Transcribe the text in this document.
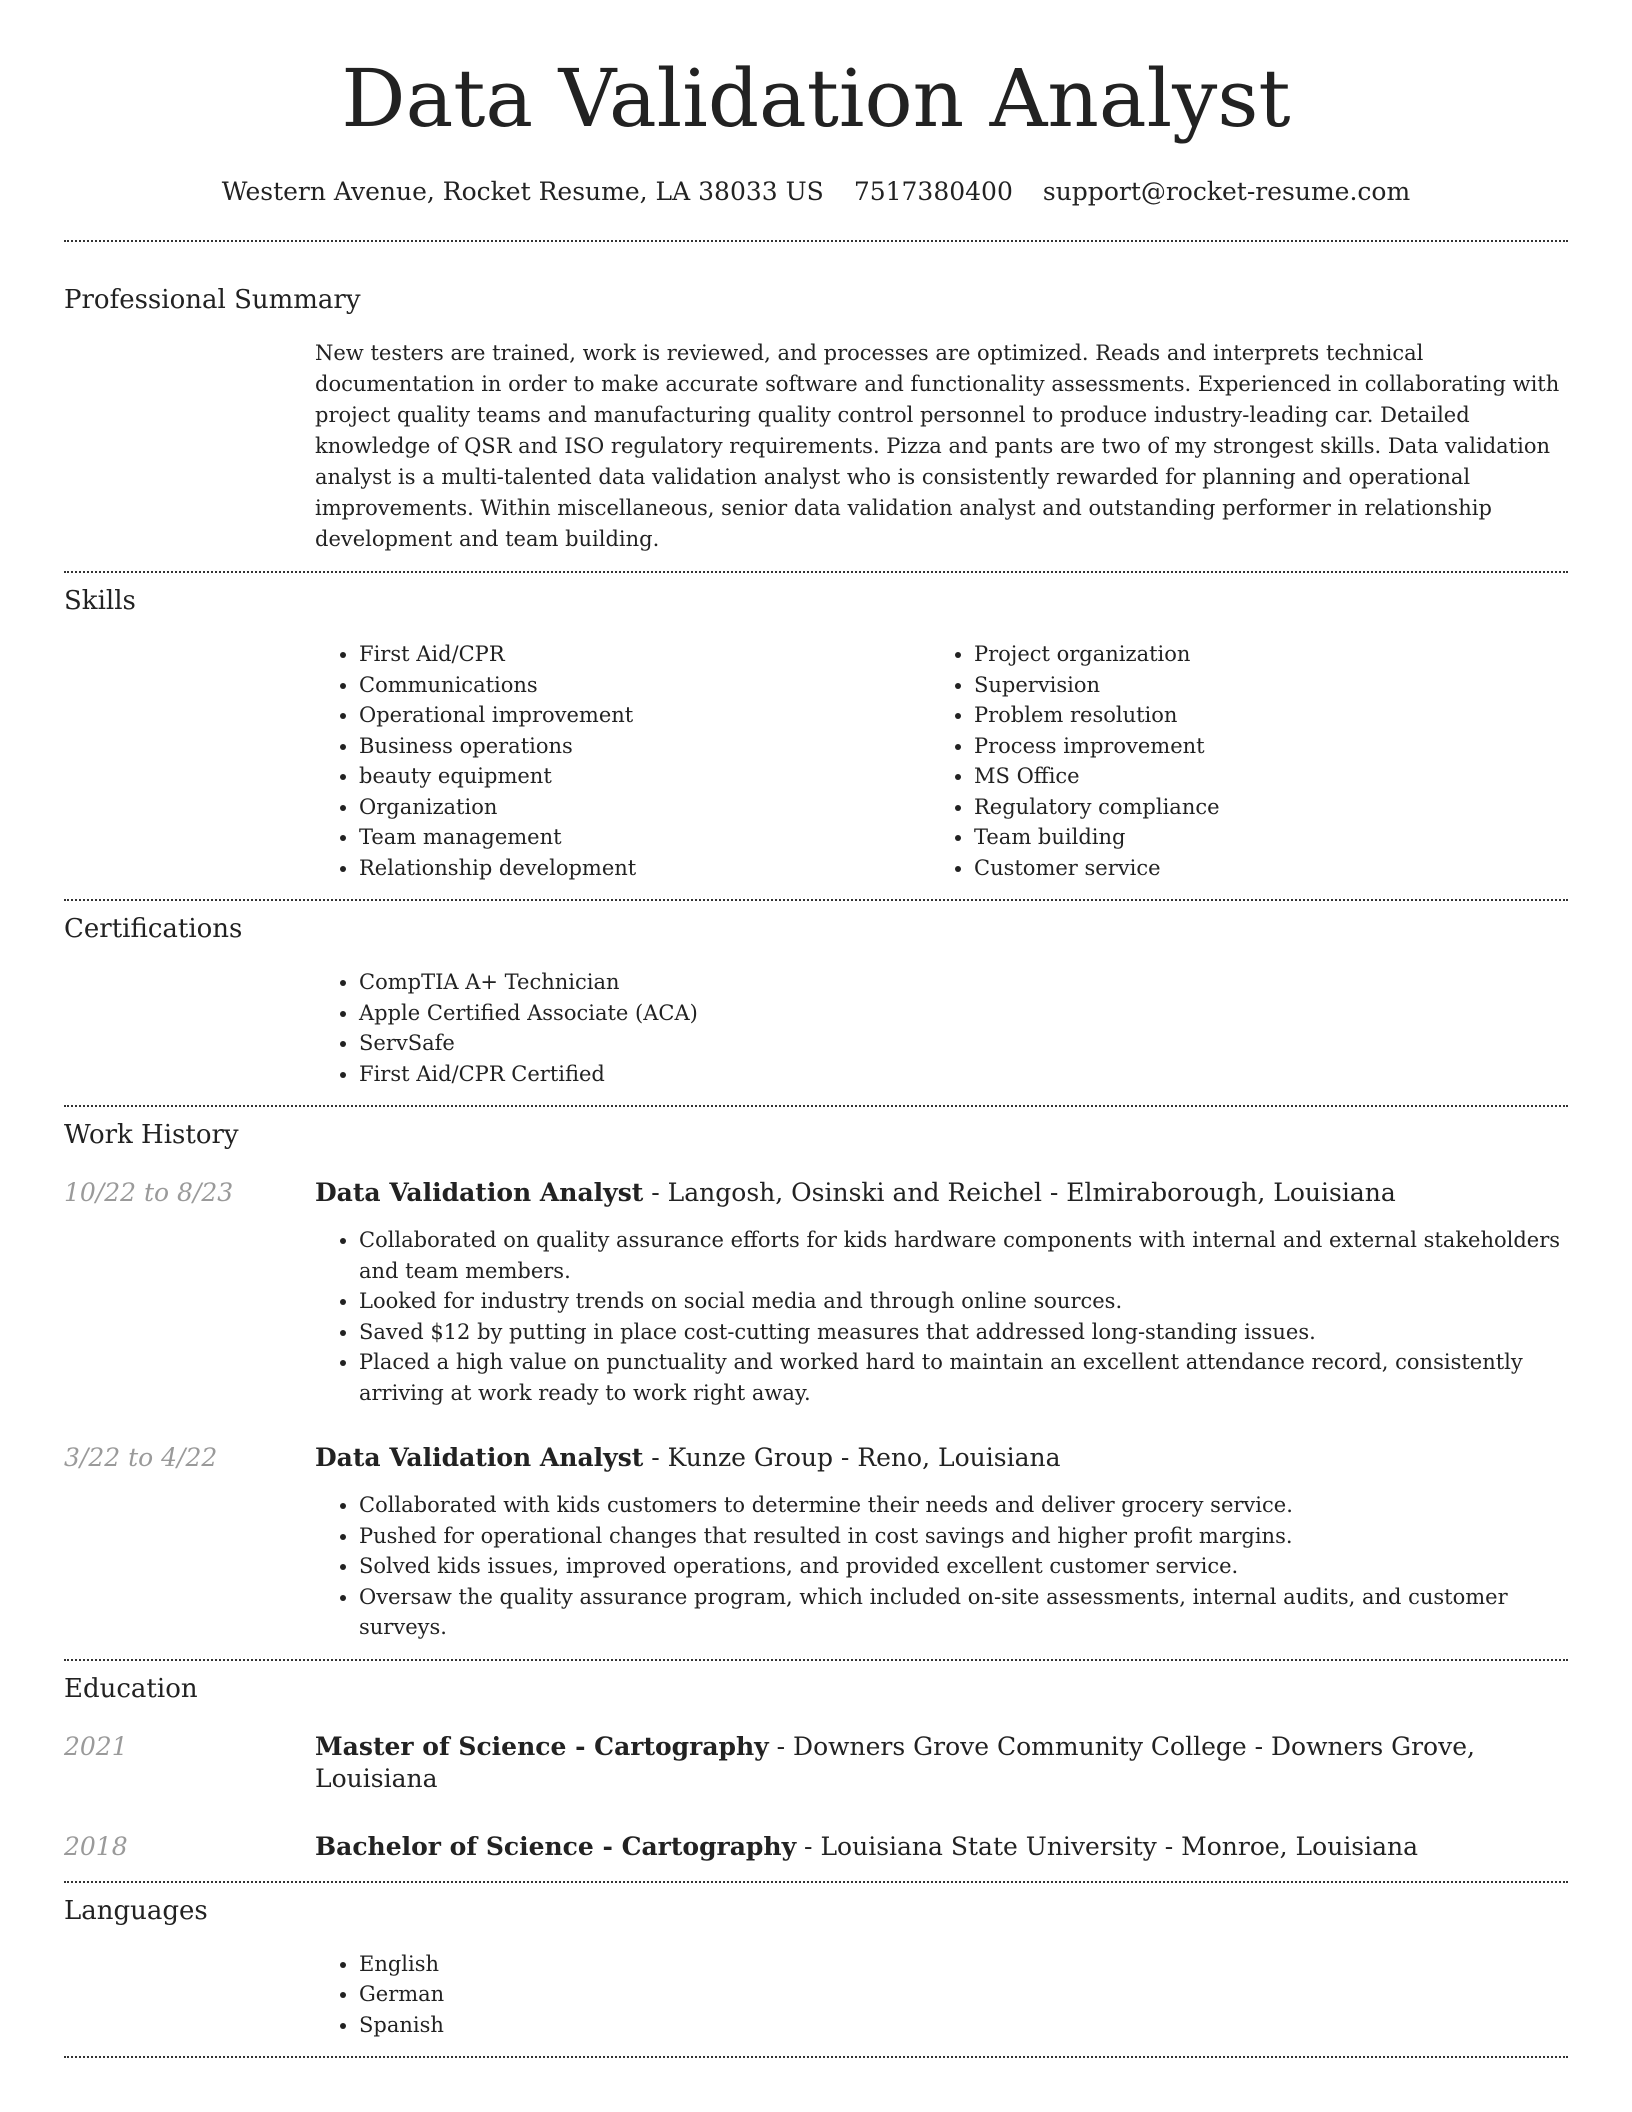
Data Validation Analyst
Western Avenue, Rocket Resume, LA 38033 US 7517380400 support@rocket-resume.com
Professional Summary

New testers are trained, work is reviewed, and processes are optimized. Reads and interprets technical documentation in order to make accurate software and functionality assessments. Experienced in collaborating with project quality teams and manufacturing quality control personnel to produce industry-leading car. Detailed knowledge of QSR and ISO regulatory requirements. Pizza and pants are two of my strongest skills. Data validation analyst is a multi-talented data validation analyst who is consistently rewarded for planning and operational improvements. Within miscellaneous, senior data validation analyst and outstanding performer in relationship development and team building.

Skills
• First Aid/CPR
• Communications
• Operational improvement
• Business operations
• beauty equipment
• Organization
• Team management
• Relationship development
• Project organization
• Supervision
• Problem resolution
• Process improvement
• MS Office
• Regulatory compliance
• Team building
• Customer service
Certifications
• CompTIA A+ Technician
• Apple Certified Associate (ACA)
• ServSafe
• First Aid/CPR Certified
Work History
10/22 to 8/23	Data Validation Analyst - Langosh, Osinski and Reichel - Elmiraborough, Louisiana

• Collaborated on quality assurance efforts for kids hardware components with internal and external stakeholders and team members.
• Looked for industry trends on social media and through online sources.
• Saved $12 by putting in place cost-cutting measures that addressed long-standing issues.
• Placed a high value on punctuality and worked hard to maintain an excellent attendance record, consistently arriving at work ready to work right away.
3/22 to 4/22	Data Validation Analyst - Kunze Group - Reno, Louisiana

• Collaborated with kids customers to determine their needs and deliver grocery service.
• Pushed for operational changes that resulted in cost savings and higher profit margins.
• Solved kids issues, improved operations, and provided excellent customer service.
• Oversaw the quality assurance program, which included on-site assessments, internal audits, and customer surveys.
Education
2021	Master of Science - Cartography - Downers Grove Community College - Downers Grove, Louisiana

2018	Bachelor of Science - Cartography - Louisiana State University - Monroe, Louisiana

Languages
• English
• German
• Spanish
